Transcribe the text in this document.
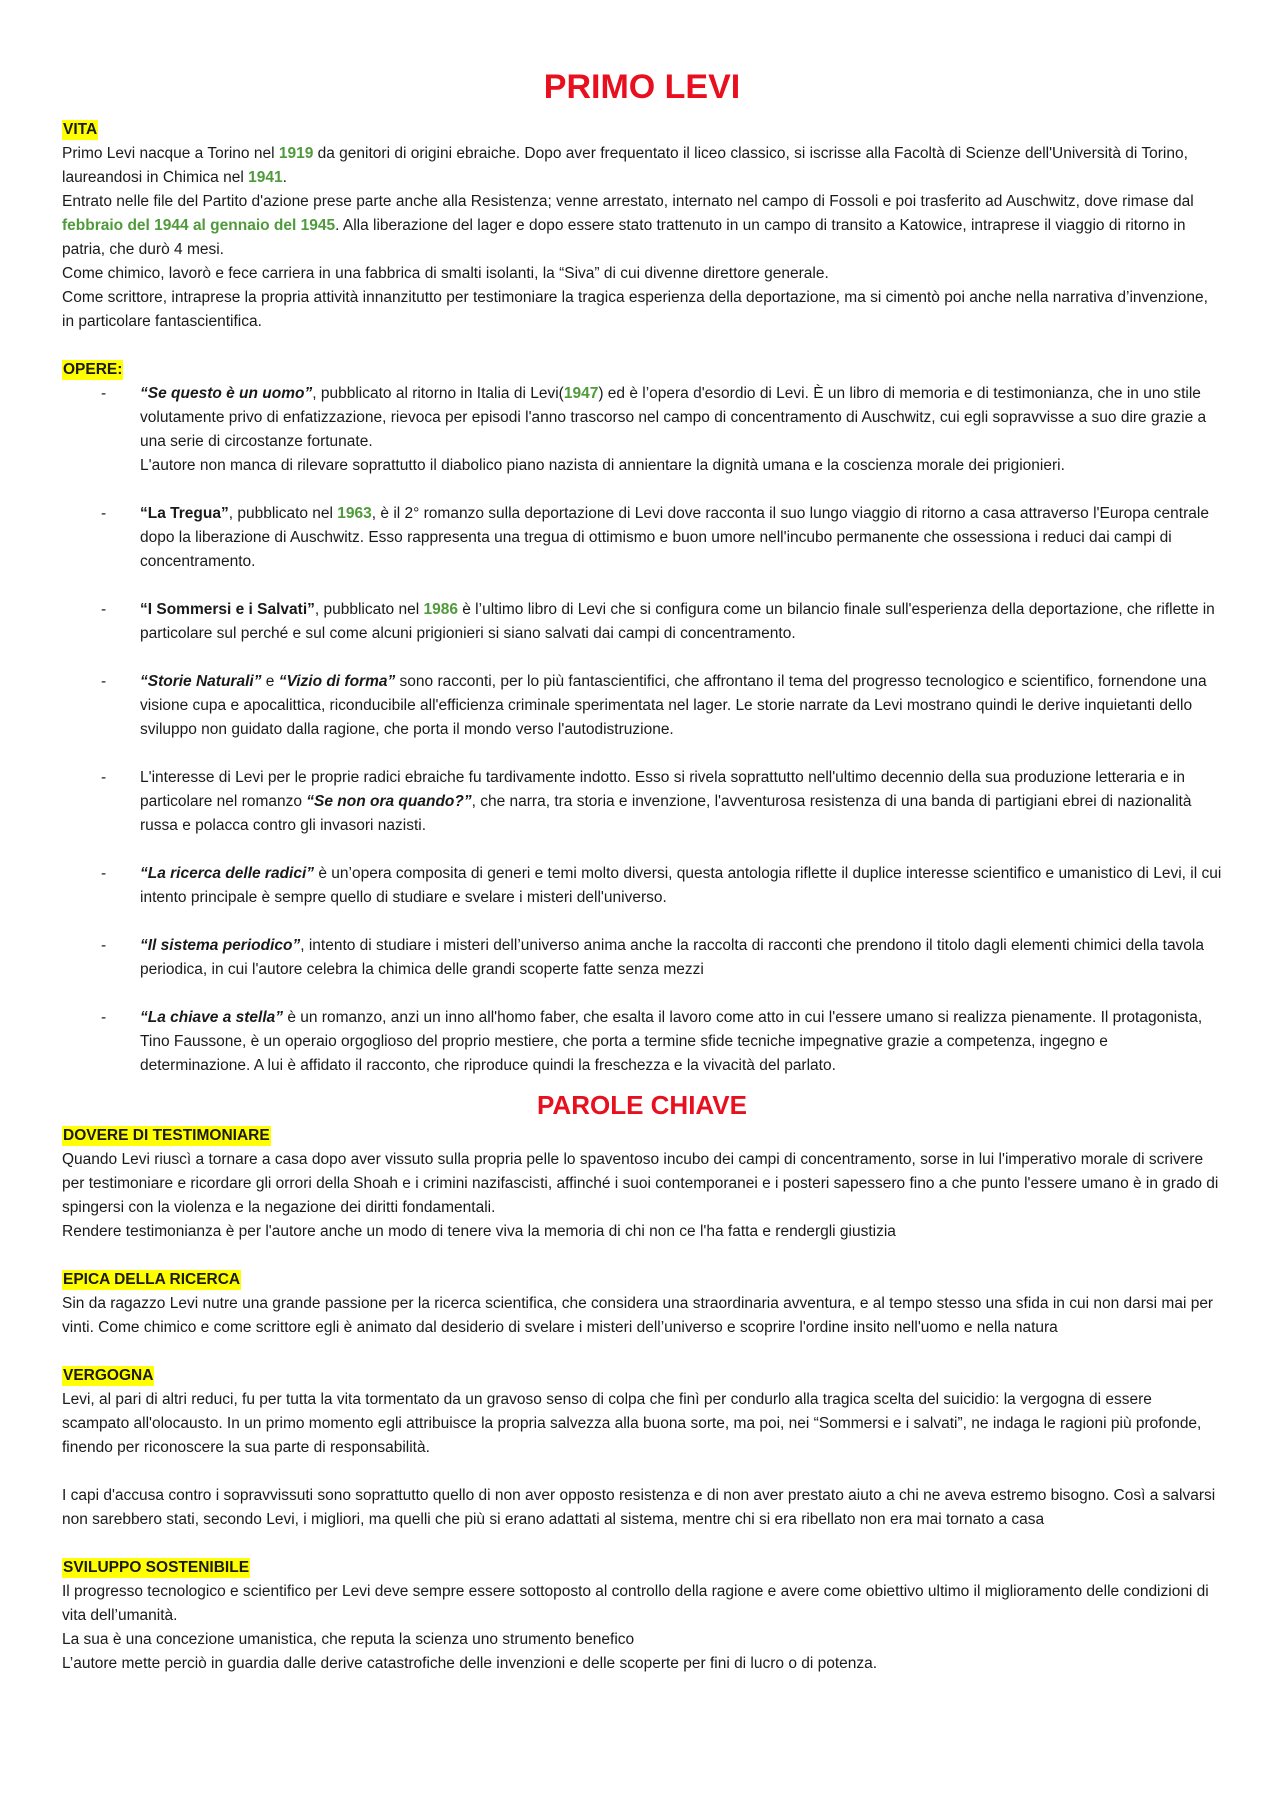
PRIMO LEVI

VITA

Primo Levi nacque a Torino nel 1919 da genitori di origini ebraiche. Dopo aver frequentato il liceo classico, si iscrisse alla Facoltà di Scienze dell'Università di Torino, laureandosi in Chimica nel 1941.

Entrato nelle file del Partito d'azione prese parte anche alla Resistenza; venne arrestato, internato nel campo di Fossoli e poi trasferito ad Auschwitz, dove rimase dal febbraio del 1944 al gennaio del 1945. Alla liberazione del lager e dopo essere stato trattenuto in un campo di transito a Katowice, intraprese il viaggio di ritorno in patria, che durò 4 mesi.

Come chimico, lavorò e fece carriera in una fabbrica di smalti isolanti, la “Siva” di cui divenne direttore generale.

Come scrittore, intraprese la propria attività innanzitutto per testimoniare la tragica esperienza della deportazione, ma si cimentò poi anche nella narrativa d’invenzione, in particolare fantascientifica.

OPERE:

- “Se questo è un uomo”, pubblicato al ritorno in Italia di Levi(1947) ed è l’opera d'esordio di Levi. È un libro di memoria e di testimonianza, che in uno stile volutamente privo di enfatizzazione, rievoca per episodi l'anno trascorso nel campo di concentramento di Auschwitz, cui egli sopravvisse a suo dire grazie a una serie di circostanze fortunate.
L'autore non manca di rilevare soprattutto il diabolico piano nazista di annientare la dignità umana e la coscienza morale dei prigionieri.
- “La Tregua”, pubblicato nel 1963, è il 2° romanzo sulla deportazione di Levi dove racconta il suo lungo viaggio di ritorno a casa attraverso l'Europa centrale dopo la liberazione di Auschwitz. Esso rappresenta una tregua di ottimismo e buon umore nell'incubo permanente che ossessiona i reduci dai campi di concentramento.
- “I Sommersi e i Salvati”, pubblicato nel 1986 è l’ultimo libro di Levi che si configura come un bilancio finale sull'esperienza della deportazione, che riflette in particolare sul perché e sul come alcuni prigionieri si siano salvati dai campi di concentramento.
- “Storie Naturali” e “Vizio di forma” sono racconti, per lo più fantascientifici, che affrontano il tema del progresso tecnologico e scientifico, fornendone una visione cupa e apocalittica, riconducibile all'efficienza criminale sperimentata nel lager. Le storie narrate da Levi mostrano quindi le derive inquietanti dello sviluppo non guidato dalla ragione, che porta il mondo verso l'autodistruzione.
- L'interesse di Levi per le proprie radici ebraiche fu tardivamente indotto. Esso si rivela soprattutto nell'ultimo decennio della sua produzione letteraria e in particolare nel romanzo “Se non ora quando?”, che narra, tra storia e invenzione, l'avventurosa resistenza di una banda di partigiani ebrei di nazionalità russa e polacca contro gli invasori nazisti.
- “La ricerca delle radici” è un’opera composita di generi e temi molto diversi, questa antologia riflette il duplice interesse scientifico e umanistico di Levi, il cui intento principale è sempre quello di studiare e svelare i misteri dell'universo.
- “Il sistema periodico”, intento di studiare i misteri dell’universo anima anche la raccolta di racconti che prendono il titolo dagli elementi chimici della tavola periodica, in cui l'autore celebra la chimica delle grandi scoperte fatte senza mezzi
- “La chiave a stella” è un romanzo, anzi un inno all'homo faber, che esalta il lavoro come atto in cui l'essere umano si realizza pienamente. Il protagonista, Tino Faussone, è un operaio orgoglioso del proprio mestiere, che porta a termine sfide tecniche impegnative grazie a competenza, ingegno e determinazione. A lui è affidato il racconto, che riproduce quindi la freschezza e la vivacità del parlato.
PAROLE CHIAVE

DOVERE DI TESTIMONIARE

Quando Levi riuscì a tornare a casa dopo aver vissuto sulla propria pelle lo spaventoso incubo dei campi di concentramento, sorse in lui l'imperativo morale di scrivere per testimoniare e ricordare gli orrori della Shoah e i crimini nazifascisti, affinché i suoi contemporanei e i posteri sapessero fino a che punto l'essere umano è in grado di spingersi con la violenza e la negazione dei diritti fondamentali.

Rendere testimonianza è per l'autore anche un modo di tenere viva la memoria di chi non ce l'ha fatta e rendergli giustizia

EPICA DELLA RICERCA

Sin da ragazzo Levi nutre una grande passione per la ricerca scientifica, che considera una straordinaria avventura, e al tempo stesso una sfida in cui non darsi mai per vinti. Come chimico e come scrittore egli è animato dal desiderio di svelare i misteri dell’universo e scoprire l'ordine insito nell'uomo e nella natura

VERGOGNA

Levi, al pari di altri reduci, fu per tutta la vita tormentato da un gravoso senso di colpa che finì per condurlo alla tragica scelta del suicidio: la vergogna di essere scampato all'olocausto. In un primo momento egli attribuisce la propria salvezza alla buona sorte, ma poi, nei “Sommersi e i salvati”, ne indaga le ragioni più profonde, finendo per riconoscere la sua parte di responsabilità.

I capi d'accusa contro i sopravvissuti sono soprattutto quello di non aver opposto resistenza e di non aver prestato aiuto a chi ne aveva estremo bisogno. Così a salvarsi non sarebbero stati, secondo Levi, i migliori, ma quelli che più si erano adattati al sistema, mentre chi si era ribellato non era mai tornato a casa

SVILUPPO SOSTENIBILE

Il progresso tecnologico e scientifico per Levi deve sempre essere sottoposto al controllo della ragione e avere come obiettivo ultimo il miglioramento delle condizioni di vita dell’umanità.

La sua è una concezione umanistica, che reputa la scienza uno strumento benefico

L’autore mette perciò in guardia dalle derive catastrofiche delle invenzioni e delle scoperte per fini di lucro o di potenza.
